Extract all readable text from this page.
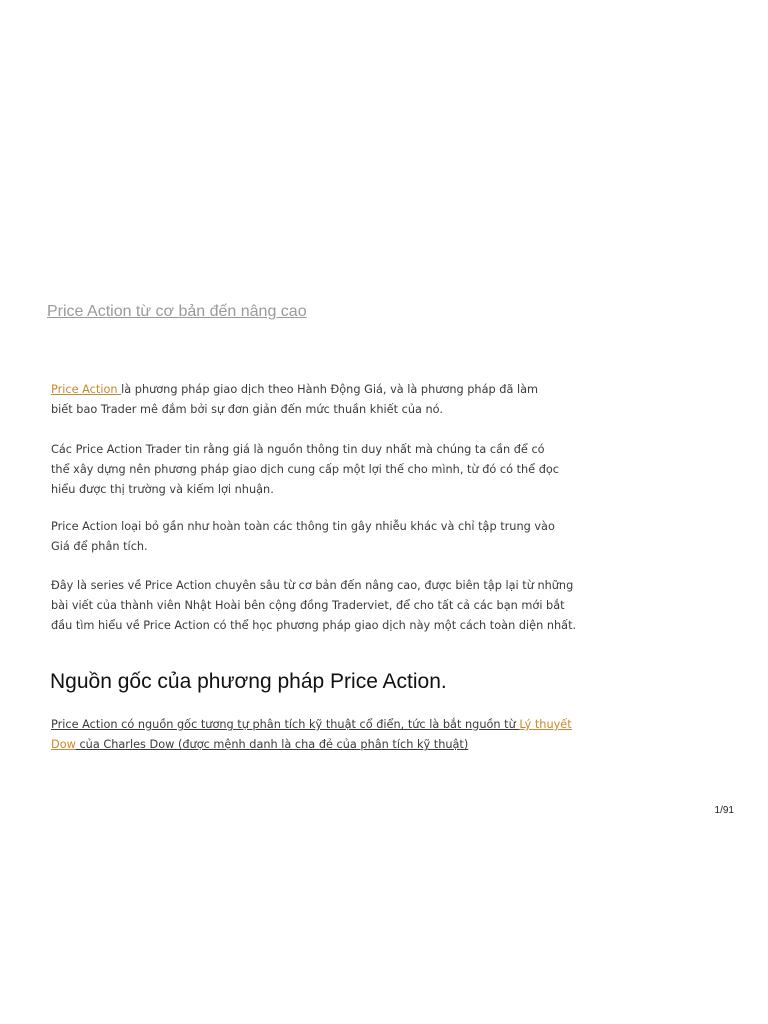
Price Action từ cơ bản đến nâng cao

Price Action là phương pháp giao dịch theo Hành Động Giá, và là phương pháp đã làm
biết bao Trader mê đắm bởi sự đơn giản đến mức thuần khiết của nó.

Các Price Action Trader tin rằng giá là nguồn thông tin duy nhất mà chúng ta cần để có
thể xây dựng nên phương pháp giao dịch cung cấp một lợi thế cho mình, từ đó có thể đọc
hiểu được thị trường và kiếm lợi nhuận.

Price Action loại bỏ gần như hoàn toàn các thông tin gây nhiễu khác và chỉ tập trung vào
Giá để phân tích.

Đây là series về Price Action chuyên sâu từ cơ bản đến nâng cao, được biên tập lại từ những
bài viết của thành viên Nhật Hoài bên cộng đồng Traderviet, để cho tất cả các bạn mới bắt
đầu tìm hiểu về Price Action có thể học phương pháp giao dịch này một cách toàn diện nhất.

Nguồn gốc của phương pháp Price Action.

Price Action có nguồn gốc tương tự phân tích kỹ thuật cổ điển, tức là bắt nguồn từ Lý thuyết Dow của Charles Dow (được mệnh danh là cha đẻ của phân tích kỹ thuật)

1/91
